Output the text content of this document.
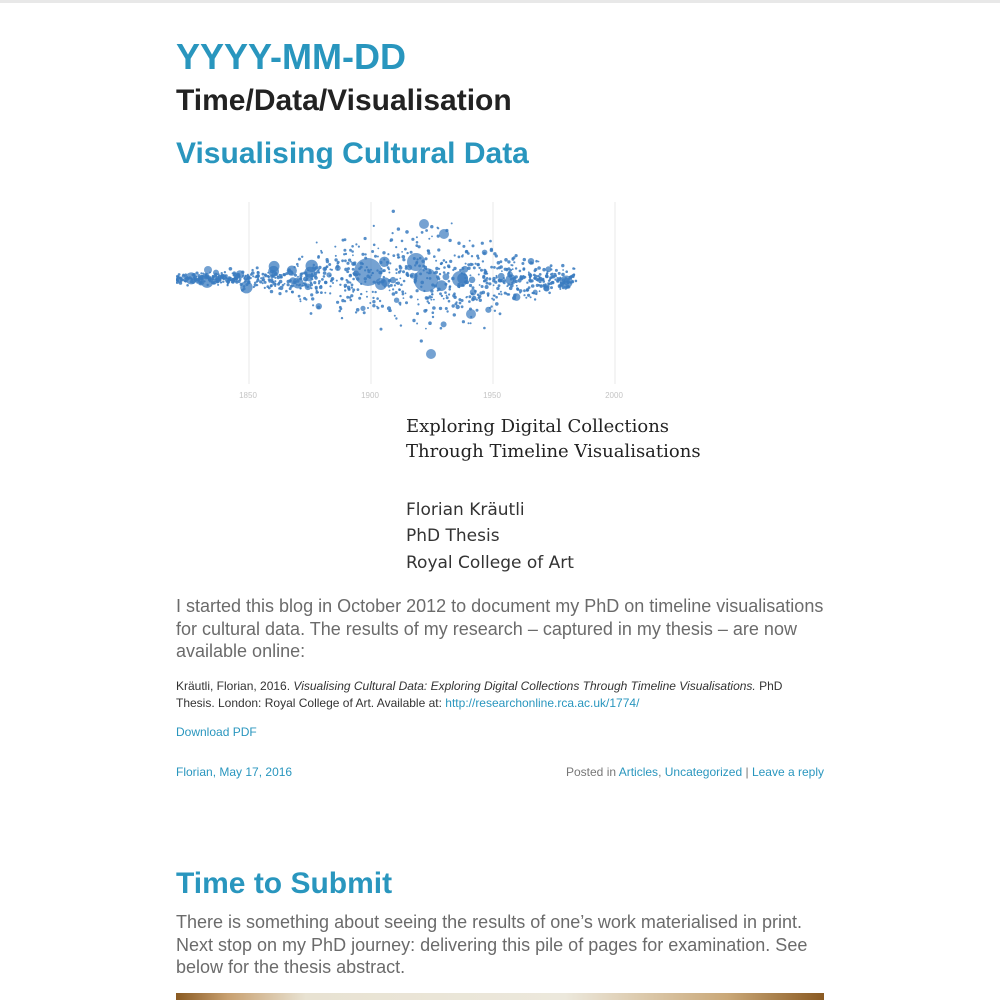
YYYY-MM-DD
Time/Data/Visualisation
Visualising Cultural Data
1850	1900	1950	2000
Exploring Digital Collections
Through Timeline Visualisations
Florian Kräutli
PhD Thesis
Royal College of Art

I started this blog in October 2012 to document my PhD on timeline visualisations for cultural data. The results of my research – captured in my thesis – are now available online:

Kräutli, Florian, 2016. Visualising Cultural Data: Exploring Digital Collections Through Timeline Visualisations. PhD Thesis. London: Royal College of Art. Available at: http://researchonline.rca.ac.uk/1774/

Download PDF
Florian, May 17, 2016	Posted in Articles, Uncategorized | Leave a reply
Time to Submit

There is something about seeing the results of one’s work materialised in print. Next stop on my PhD journey: delivering this pile of pages for examination. See below for the thesis abstract.
